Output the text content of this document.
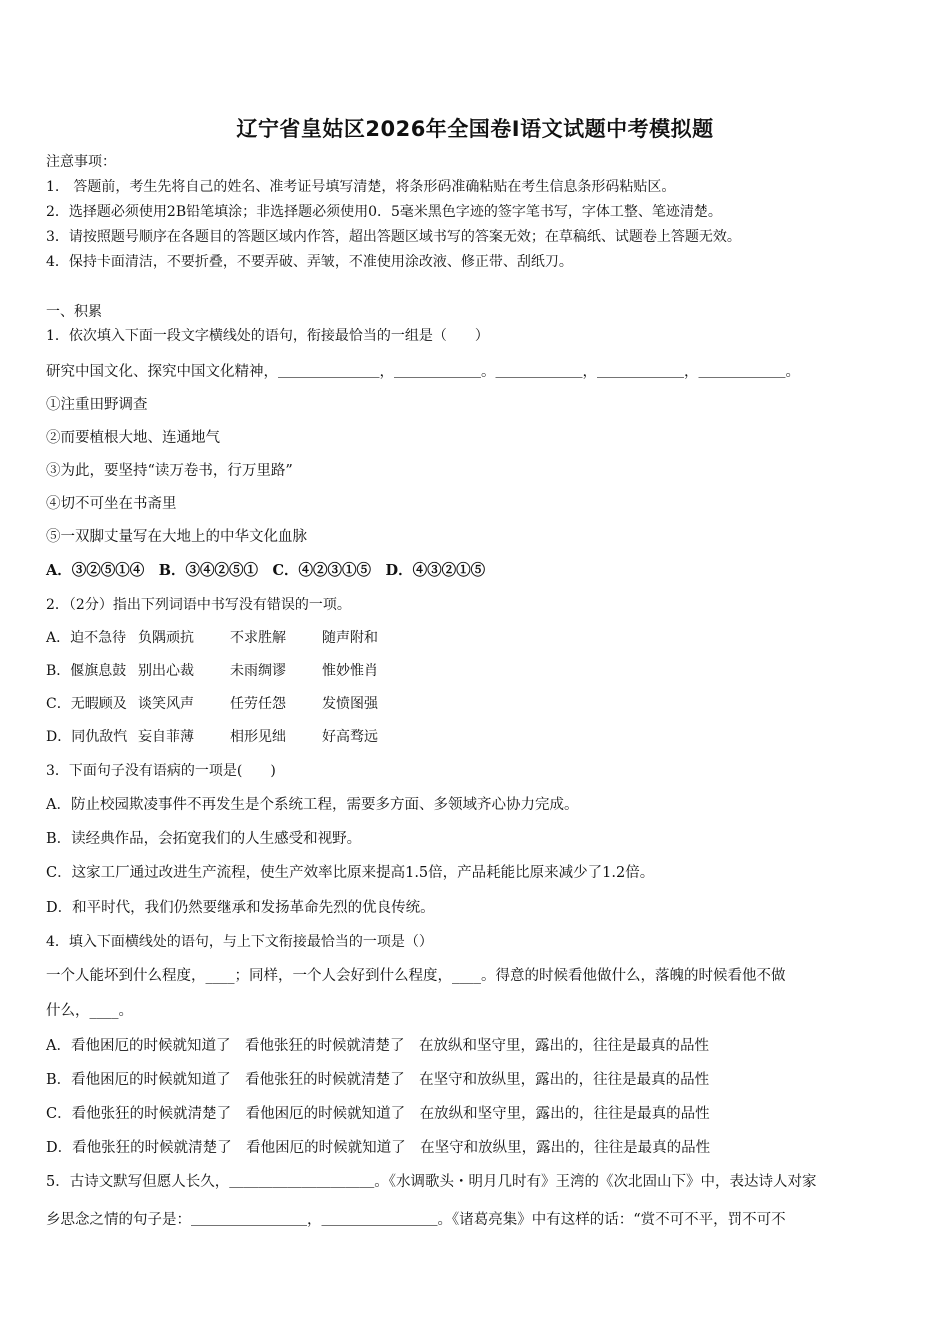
辽宁省皇姑区2026年全国卷Ⅰ语文试题中考模拟题
注意事项：
1.　答题前，考生先将自己的姓名、准考证号填写清楚，将条形码准确粘贴在考生信息条形码粘贴区。
2．选择题必须使用2B铅笔填涂；非选择题必须使用0．5毫米黑色字迹的签字笔书写，字体工整、笔迹清楚。
3．请按照题号顺序在各题目的答题区域内作答，超出答题区域书写的答案无效；在草稿纸、试题卷上答题无效。
4．保持卡面清洁，不要折叠，不要弄破、弄皱，不准使用涂改液、修正带、刮纸刀。
一、积累
1．依次填入下面一段文字横线处的语句，衔接最恰当的一组是（　　）
研究中国文化、探究中国文化精神，＿＿＿＿＿＿＿，＿＿＿＿＿＿。＿＿＿＿＿＿，＿＿＿＿＿＿，＿＿＿＿＿＿。
①注重田野调查
②而要植根大地、连通地气
③为此，要坚持“读万卷书，行万里路”
④切不可坐在书斋里
⑤一双脚丈量写在大地上的中华文化血脉
A．③②⑤①④　B．③④②⑤①　C．④②③①⑤　D．④③②①⑤
2．（2分）指出下列词语中书写没有错误的一项。
A．迫不急待 负隅顽抗	不求胜解	随声附和
B．偃旗息鼓 别出心裁	未雨绸谬	惟妙惟肖
C．无暇顾及 谈笑风声	任劳任怨	发愤图强
D．同仇敌忾 妄自菲薄	相形见绌	好高骛远
3．下面句子没有语病的一项是(　　)
A．防止校园欺凌事件不再发生是个系统工程，需要多方面、多领域齐心协力完成。
B．读经典作品，会拓宽我们的人生感受和视野。
C．这家工厂通过改进生产流程，使生产效率比原来提高1.5倍，产品耗能比原来减少了1.2倍。
D．和平时代，我们仍然要继承和发扬革命先烈的优良传统。
4．填入下面横线处的语句，与上下文衔接最恰当的一项是（）
一个人能坏到什么程度，____；同样，一个人会好到什么程度，____。得意的时候看他做什么，落魄的时候看他不做
什么，____。
A．看他困厄的时候就知道了　看他张狂的时候就清楚了　在放纵和坚守里，露出的，往往是最真的品性
B．看他困厄的时候就知道了　看他张狂的时候就清楚了　在坚守和放纵里，露出的，往往是最真的品性
C．看他张狂的时候就清楚了　看他困厄的时候就知道了　在放纵和坚守里，露出的，往往是最真的品性
D．看他张狂的时候就清楚了　看他困厄的时候就知道了　在坚守和放纵里，露出的，往往是最真的品性
5．古诗文默写但愿人长久，＿＿＿＿＿＿＿＿＿＿。《水调歌头・明月几时有》王湾的《次北固山下》中，表达诗人对家
乡思念之情的句子是：＿＿＿＿＿＿＿＿，＿＿＿＿＿＿＿＿。《诸葛亮集》中有这样的话：“赏不可不平，罚不可不
